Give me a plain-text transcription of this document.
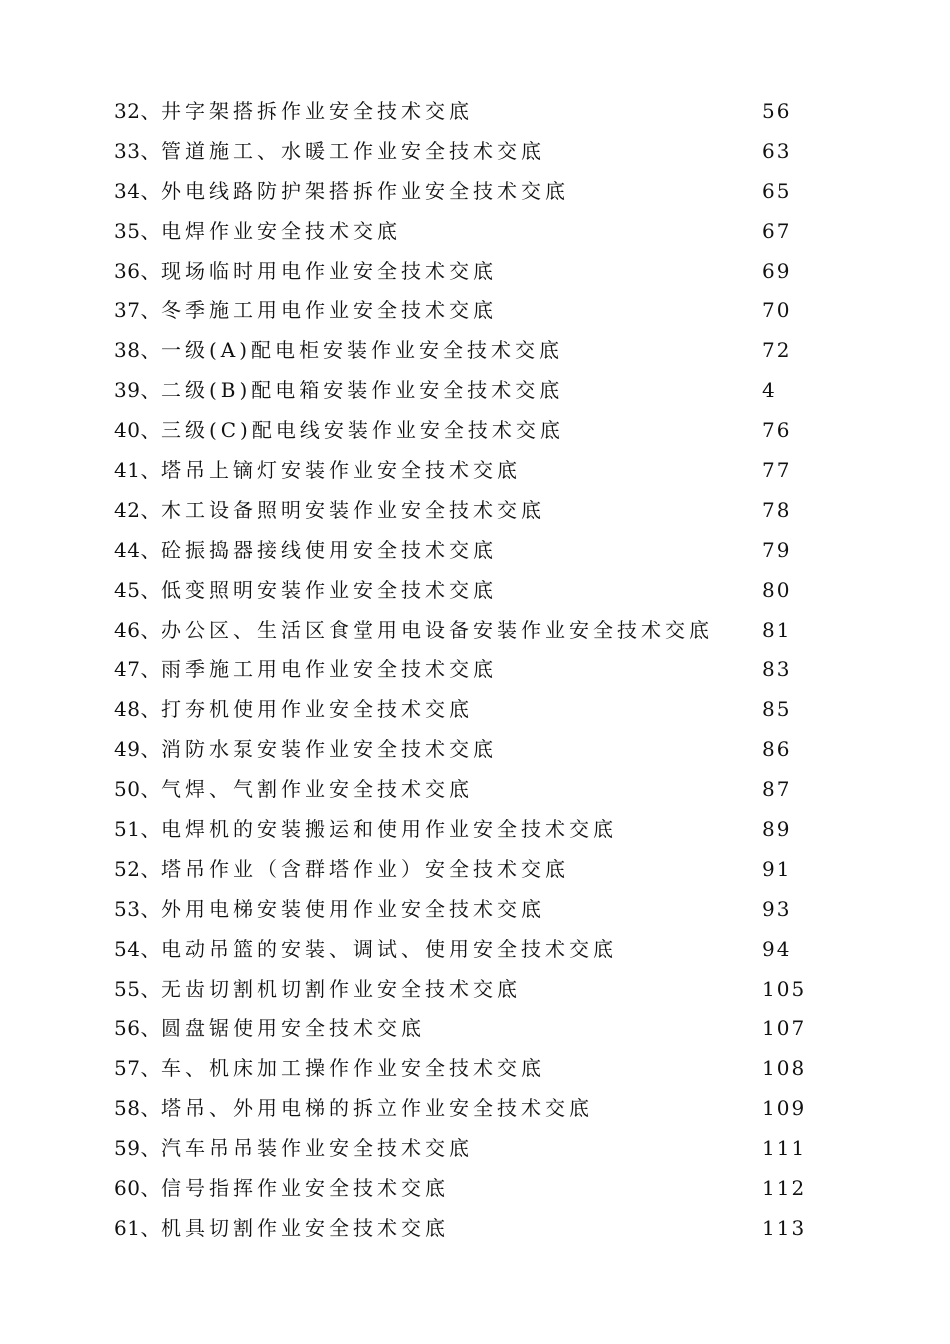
32、井字架搭拆作业安全技术交底	56
33、管道施工、水暖工作业安全技术交底	63
34、外电线路防护架搭拆作业安全技术交底	65
35、电焊作业安全技术交底	67
36、现场临时用电作业安全技术交底	69
37、冬季施工用电作业安全技术交底	70
38、一级(A)配电柜安装作业安全技术交底	72
39、二级(B)配电箱安装作业安全技术交底	4
40、三级(C)配电线安装作业安全技术交底	76
41、塔吊上镝灯安装作业安全技术交底	77
42、木工设备照明安装作业安全技术交底	78
44、砼振捣器接线使用安全技术交底	79
45、低变照明安装作业安全技术交底	80
46、办公区、生活区食堂用电设备安装作业安全技术交底 81
47、雨季施工用电作业安全技术交底	83
48、打夯机使用作业安全技术交底	85
49、消防水泵安装作业安全技术交底	86
50、气焊、气割作业安全技术交底	87
51、电焊机的安装搬运和使用作业安全技术交底	89
52、塔吊作业（含群塔作业）安全技术交底	91
53、外用电梯安装使用作业安全技术交底	93
54、电动吊篮的安装、调试、使用安全技术交底	94
55、无齿切割机切割作业安全技术交底	105
56、圆盘锯使用安全技术交底	107
57、车、机床加工操作作业安全技术交底	108
58、塔吊、外用电梯的拆立作业安全技术交底	109
59、汽车吊吊装作业安全技术交底	111
60、信号指挥作业安全技术交底	112
61、机具切割作业安全技术交底	113
